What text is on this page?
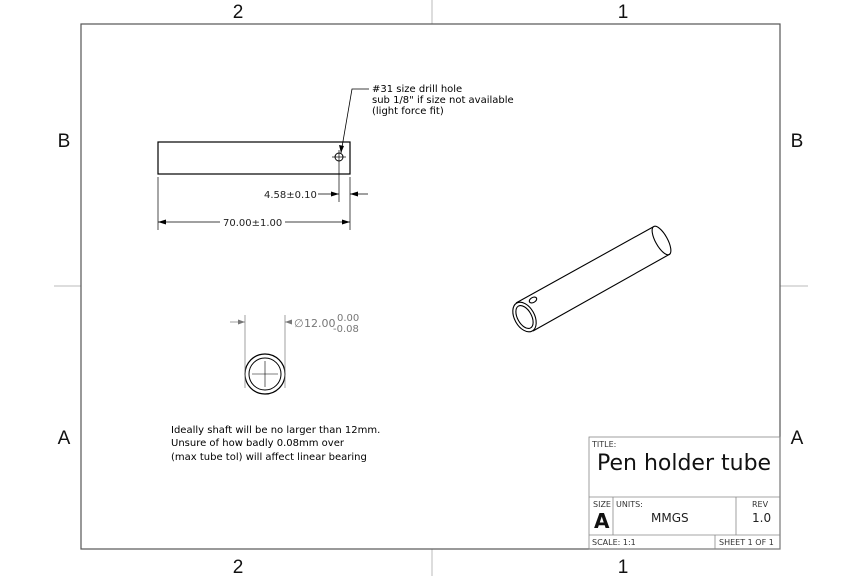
2	1
2	1
B
A
B
A
#31 size drill hole
sub 1/8" if size not available
(light force fit)
4.58±0.10
70.00±1.00
∅ 12.00 0.00
-0.08
Ideally shaft will be no larger than 12mm.
Unsure of how badly 0.08mm over
(max tube tol) will affect linear bearing
TITLE:
Pen holder tube
SIZE
A
UNITS:
MMGS
REV
1.0
SCALE: 1:1	SHEET 1 OF 1
